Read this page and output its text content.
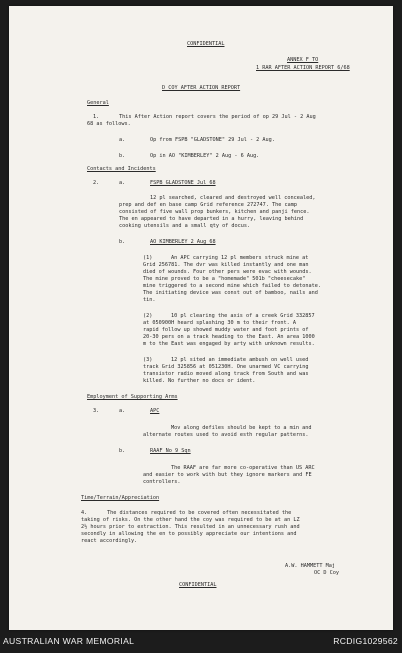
CONFIDENTIAL
ANNEX F TO
1 RAR AFTER ACTION REPORT 6/68
D COY AFTER ACTION REPORT
General
1.	This After Action report covers the period of op 29 Jul - 2 Aug
68 as follows.
a.	Op from FSPB "GLADSTONE" 29 Jul - 2 Aug.
b.	Op in AO "KIMBERLEY" 2 Aug - 6 Aug.
Contacts and Incidents
2.	a.	FSPB GLADSTONE Jul 68
12 pl searched, cleared and destroyed well concealed,
prep and def en base camp Grid reference 272747. The camp
consisted of five wall prop bunkers, kitchen and panji fence.
The en appeared to have departed in a hurry, leaving behind
cooking utensils and a small qty of docus.
b.	AO KIMBERLEY 2 Aug 68
(1)	An APC carrying 12 pl members struck mine at
Grid 256781. The dvr was killed instantly and one man
died of wounds. Four other pers were evac with wounds.
The mine proved to be a "homemade" 501b "cheesecake"
mine triggered to a second mine which failed to detonate.
The initiating device was const out of bamboo, nails and
tin.
(2)	10 pl clearing the axis of a creek Grid 332857
at 050900H heard splashing 30 m to their front. A
rapid follow up showed muddy water and foot prints of
20-30 pers on a track heading to the East. An area 1000
m to the East was engaged by arty with unknown results.
(3)	12 pl sited an immediate ambush on well used
track Grid 325856 at 051230H. One unarmed VC carrying
transistor radio moved along track from South and was
killed. No further no docs or ident.
Employment of Supporting Arms
3.	a.	APC
Mov along defiles should be kept to a min and
alternate routes used to avoid esth regular patterns.
b.	RAAF No 9 Sqn
The RAAF are far more co-operative than US ARC
and easier to work with but they ignore markers and FE
controllers.
Time/Terrain/Appreciation
4.	The distances required to be covered often necessitated the
taking of risks. On the other hand the coy was required to be at an LZ
2½ hours prior to extraction. This resulted in an unnecessary rush and
secondly in allowing the en to possibly appreciate our intentions and
react accordingly.
A.W. HAMMETT Maj
OC D Coy
CONFIDENTIAL
AUSTRALIAN WAR MEMORIAL	RCDIG1029562
